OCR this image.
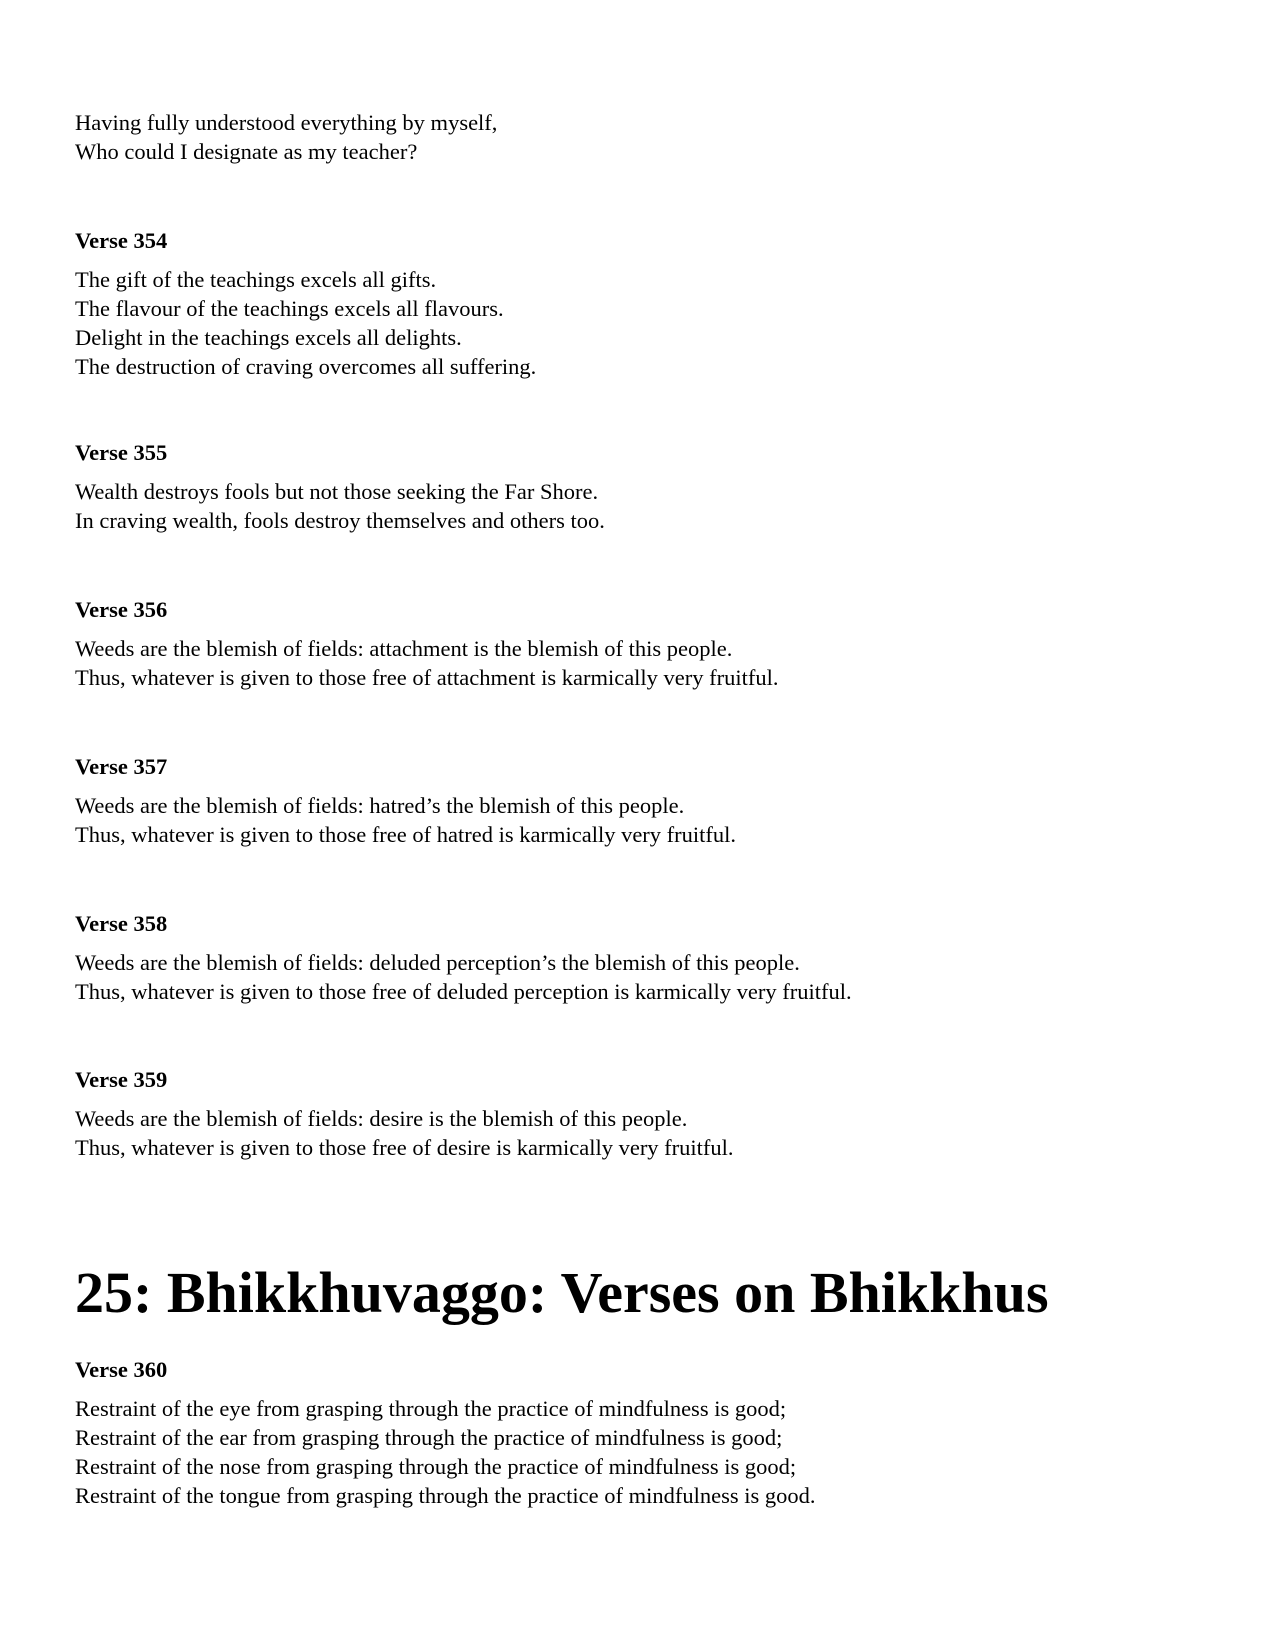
Having fully understood everything by myself,
Who could I designate as my teacher?
Verse 354
The gift of the teachings excels all gifts.
The flavour of the teachings excels all flavours.
Delight in the teachings excels all delights.
The destruction of craving overcomes all suffering.
Verse 355
Wealth destroys fools but not those seeking the Far Shore.
In craving wealth, fools destroy themselves and others too.
Verse 356
Weeds are the blemish of fields: attachment is the blemish of this people.
Thus, whatever is given to those free of attachment is karmically very fruitful.
Verse 357
Weeds are the blemish of fields: hatred’s the blemish of this people.
Thus, whatever is given to those free of hatred is karmically very fruitful.
Verse 358
Weeds are the blemish of fields: deluded perception’s the blemish of this people.
Thus, whatever is given to those free of deluded perception is karmically very fruitful.
Verse 359
Weeds are the blemish of fields: desire is the blemish of this people.
Thus, whatever is given to those free of desire is karmically very fruitful.
25: Bhikkhuvaggo: Verses on Bhikkhus
Verse 360
Restraint of the eye from grasping through the practice of mindfulness is good;
Restraint of the ear from grasping through the practice of mindfulness is good;
Restraint of the nose from grasping through the practice of mindfulness is good;
Restraint of the tongue from grasping through the practice of mindfulness is good.
